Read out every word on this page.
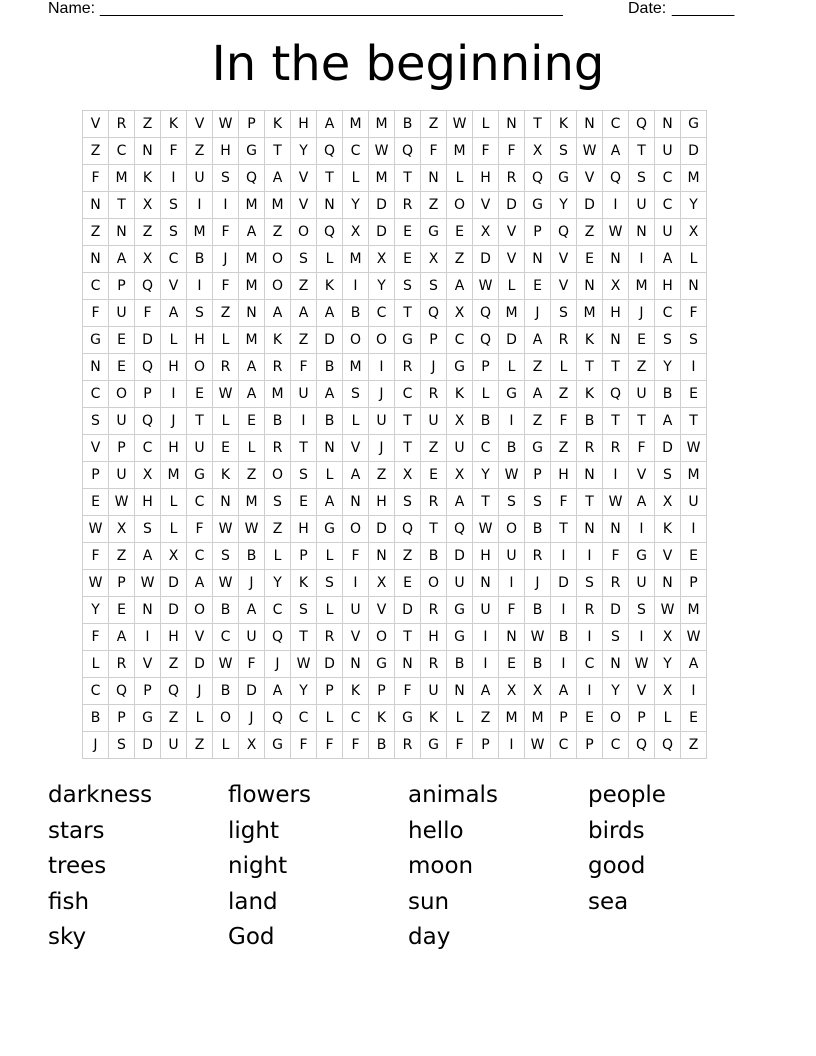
Name: ____________________________________________________	Date: _______
In the beginning
V	R	Z	K	V	W	P	K	H	A	M	M	B	Z	W	L	N	T	K	N	C	Q	N	G
Z	C	N	F	Z	H	G	T	Y	Q	C	W	Q	F	M	F	F	X	S	W	A	T	U	D
F	M	K	I	U	S	Q	A	V	T	L	M	T	N	L	H	R	Q	G	V	Q	S	C	M
N	T	X	S	I	I	M	M	V	N	Y	D	R	Z	O	V	D	G	Y	D	I	U	C	Y
Z	N	Z	S	M	F	A	Z	O	Q	X	D	E	G	E	X	V	P	Q	Z	W	N	U	X
N	A	X	C	B	J	M	O	S	L	M	X	E	X	Z	D	V	N	V	E	N	I	A	L
C	P	Q	V	I	F	M	O	Z	K	I	Y	S	S	A	W	L	E	V	N	X	M	H	N
F	U	F	A	S	Z	N	A	A	A	B	C	T	Q	X	Q	M	J	S	M	H	J	C	F
G	E	D	L	H	L	M	K	Z	D	O	O	G	P	C	Q	D	A	R	K	N	E	S	S
N	E	Q	H	O	R	A	R	F	B	M	I	R	J	G	P	L	Z	L	T	T	Z	Y	I
C	O	P	I	E	W	A	M	U	A	S	J	C	R	K	L	G	A	Z	K	Q	U	B	E
S	U	Q	J	T	L	E	B	I	B	L	U	T	U	X	B	I	Z	F	B	T	T	A	T
V	P	C	H	U	E	L	R	T	N	V	J	T	Z	U	C	B	G	Z	R	R	F	D	W
P	U	X	M	G	K	Z	O	S	L	A	Z	X	E	X	Y	W	P	H	N	I	V	S	M
E	W	H	L	C	N	M	S	E	A	N	H	S	R	A	T	S	S	F	T	W	A	X	U
W	X	S	L	F	W	W	Z	H	G	O	D	Q	T	Q	W	O	B	T	N	N	I	K	I
F	Z	A	X	C	S	B	L	P	L	F	N	Z	B	D	H	U	R	I	I	F	G	V	E
W	P	W	D	A	W	J	Y	K	S	I	X	E	O	U	N	I	J	D	S	R	U	N	P
Y	E	N	D	O	B	A	C	S	L	U	V	D	R	G	U	F	B	I	R	D	S	W	M
F	A	I	H	V	C	U	Q	T	R	V	O	T	H	G	I	N	W	B	I	S	I	X	W
L	R	V	Z	D	W	F	J	W	D	N	G	N	R	B	I	E	B	I	C	N	W	Y	A
C	Q	P	Q	J	B	D	A	Y	P	K	P	F	U	N	A	X	X	A	I	Y	V	X	I
B	P	G	Z	L	O	J	Q	C	L	C	K	G	K	L	Z	M	M	P	E	O	P	L	E
J	S	D	U	Z	L	X	G	F	F	F	B	R	G	F	P	I	W	C	P	C	Q	Q	Z
darkness	flowers	animals	people
stars	light	hello	birds
trees	night	moon	good
fish	land	sun	sea
sky	God	day
